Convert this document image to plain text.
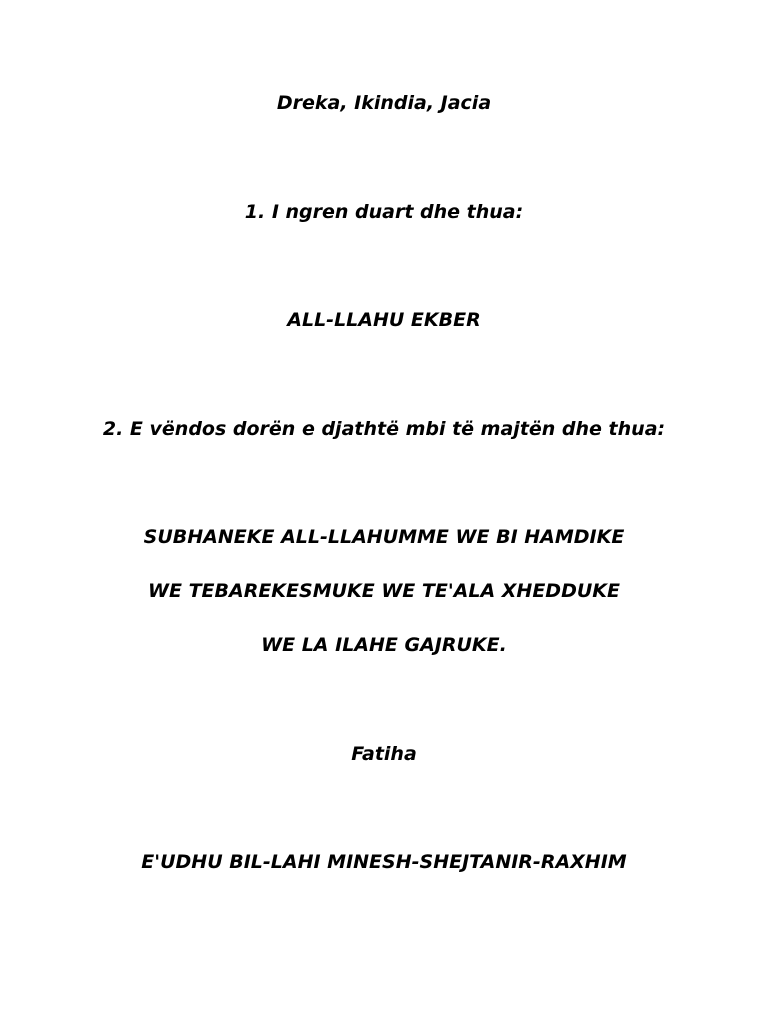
Dreka, Ikindia, Jacia
1. I ngren duart dhe thua:
ALL-LLAHU EKBER
2. E vëndos dorën e djathtë mbi të majtën dhe thua:
SUBHANEKE ALL-LLAHUMME WE BI HAMDIKE
WE TEBAREKESMUKE WE TE'ALA XHEDDUKE
WE LA ILAHE GAJRUKE.
Fatiha
E'UDHU BIL-LAHI MINESH-SHEJTANIR-RAXHIM
